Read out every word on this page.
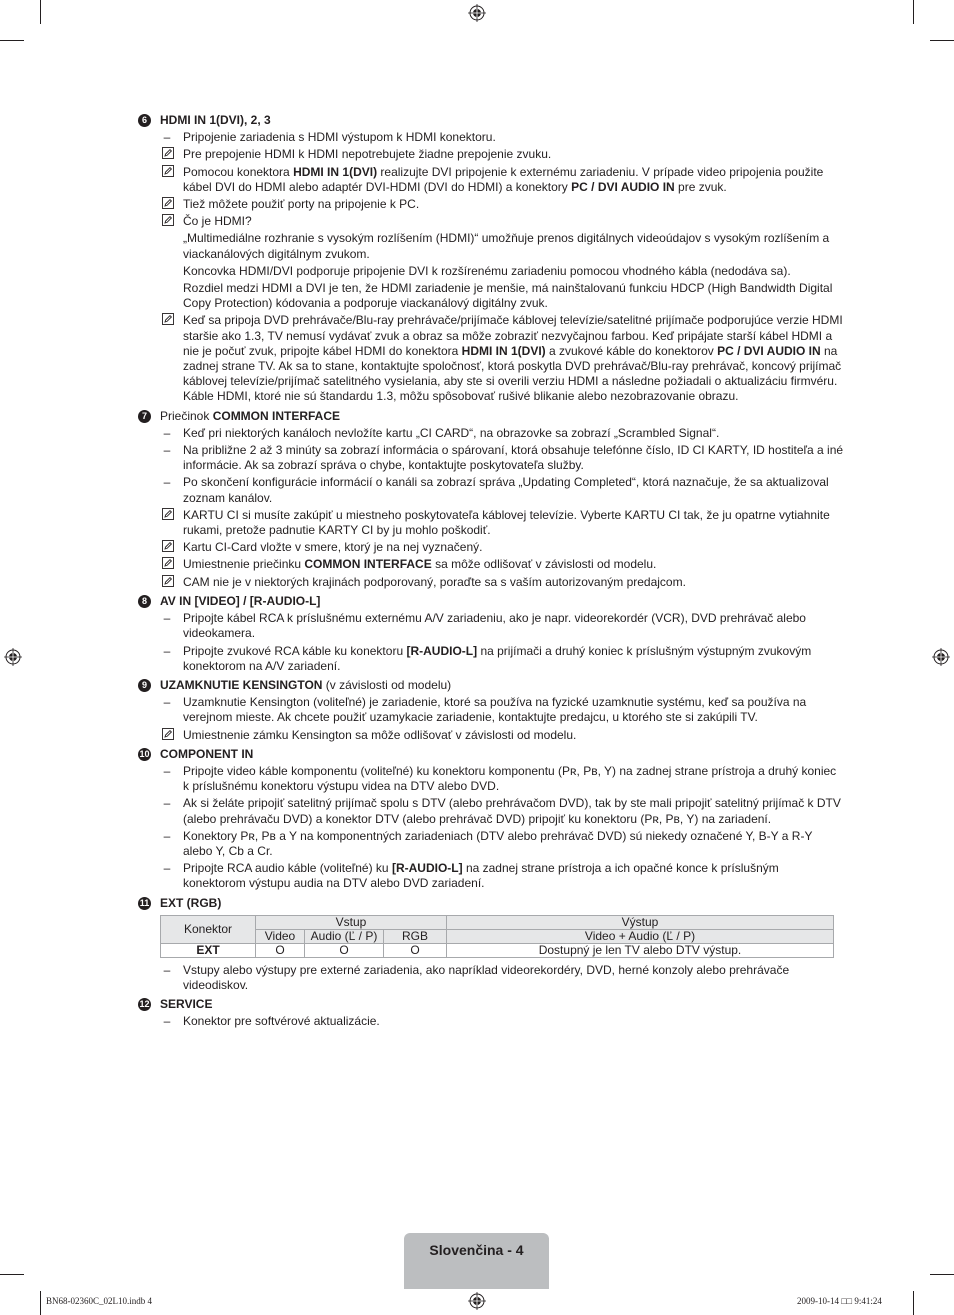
6	HDMI IN 1(DVI), 2, 3
– Pripojenie zariadenia s HDMI výstupom k HDMI konektoru.
Pre prepojenie HDMI k HDMI nepotrebujete žiadne prepojenie zvuku.
Pomocou konektora HDMI IN 1(DVI) realizujte DVI pripojenie k externému zariadeniu. V prípade video pripojenia použite kábel DVI do HDMI alebo adaptér DVI-HDMI (DVI do HDMI) a konektory PC / DVI AUDIO IN pre zvuk.
Tiež môžete použiť porty na pripojenie k PC.
Čo je HDMI?
„Multimediálne rozhranie s vysokým rozlíšením (HDMI)“ umožňuje prenos digitálnych videoúdajov s vysokým rozlíšením a viackanálových digitálnym zvukom.
Koncovka HDMI/DVI podporuje pripojenie DVI k rozšírenému zariadeniu pomocou vhodného kábla (nedodáva sa).
Rozdiel medzi HDMI a DVI je ten, že HDMI zariadenie je menšie, má nainštalovanú funkciu HDCP (High Bandwidth Digital Copy Protection) kódovania a podporuje viackanálový digitálny zvuk.
Keď sa pripoja DVD prehrávače/Blu-ray prehrávače/prijímače káblovej televízie/satelitné prijímače podporujúce verzie HDMI staršie ako 1.3, TV nemusí vydávať zvuk a obraz sa môže zobraziť nezvyčajnou farbou. Keď pripájate starší kábel HDMI a nie je počuť zvuk, pripojte kábel HDMI do konektora HDMI IN 1(DVI) a zvukové káble do konektorov PC / DVI AUDIO IN na zadnej strane TV. Ak sa to stane, kontaktujte spoločnosť, ktorá poskytla DVD prehrávač/Blu-ray prehrávač, koncový prijímač káblovej televízie/prijímač satelitného vysielania, aby ste si overili verziu HDMI a následne požiadali o aktualizáciu firmvéru. Káble HDMI, ktoré nie sú štandardu 1.3, môžu spôsobovať rušivé blikanie alebo nezobrazovanie obrazu.
7	Priečinok COMMON INTERFACE
– Keď pri niektorých kanáloch nevložíte kartu „CI CARD“, na obrazovke sa zobrazí „Scrambled Signal“.
– Na približne 2 až 3 minúty sa zobrazí informácia o spárovaní, ktorá obsahuje telefónne číslo, ID CI KARTY, ID hostiteľa a iné informácie. Ak sa zobrazí správa o chybe, kontaktujte poskytovateľa služby.
– Po skončení konfigurácie informácií o kanáli sa zobrazí správa „Updating Completed“, ktorá naznačuje, že sa aktualizoval zoznam kanálov.
KARTU CI si musíte zakúpiť u miestneho poskytovateľa káblovej televízie. Vyberte KARTU CI tak, že ju opatrne vytiahnite rukami, pretože padnutie KARTY CI by ju mohlo poškodiť.
Kartu CI-Card vložte v smere, ktorý je na nej vyznačený.
Umiestnenie priečinku COMMON INTERFACE sa môže odlišovať v závislosti od modelu.
CAM nie je v niektorých krajinách podporovaný, poraďte sa s vaším autorizovaným predajcom.
8	AV IN [VIDEO] / [R-AUDIO-L]
– Pripojte kábel RCA k príslušnému externému A/V zariadeniu, ako je napr. videorekordér (VCR), DVD prehrávač alebo videokamera.
– Pripojte zvukové RCA káble ku konektoru [R-AUDIO-L] na prijímači a druhý koniec k príslušným výstupným zvukovým konektorom na A/V zariadení.
9	UZAMKNUTIE KENSINGTON (v závislosti od modelu)
– Uzamknutie Kensington (voliteľné) je zariadenie, ktoré sa používa na fyzické uzamknutie systému, keď sa používa na verejnom mieste. Ak chcete použiť uzamykacie zariadenie, kontaktujte predajcu, u ktorého ste si zakúpili TV.
Umiestnenie zámku Kensington sa môže odlišovať v závislosti od modelu.
10 COMPONENT IN
– Pripojte video káble komponentu (voliteľné) ku konektoru komponentu (Pʀ, Pʙ, Y) na zadnej strane prístroja a druhý koniec k príslušnému konektoru výstupu videa na DTV alebo DVD.
– Ak si želáte pripojiť satelitný prijímač spolu s DTV (alebo prehrávačom DVD), tak by ste mali pripojiť satelitný prijímač k DTV (alebo prehrávaču DVD) a konektor DTV (alebo prehrávač DVD) pripojiť ku konektoru (Pʀ, Pʙ, Y) na zariadení.
– Konektory Pʀ, Pʙ a Y na komponentných zariadeniach (DTV alebo prehrávač DVD) sú niekedy označené Y, B-Y a R-Y alebo Y, Cb a Cr.
– Pripojte RCA audio káble (voliteľné) ku [R-AUDIO-L] na zadnej strane prístroja a ich opačné konce k príslušným konektorom výstupu audia na DTV alebo DVD zariadení.
11 EXT (RGB)
Konektor	Vstup			Výstup
	Video	Audio (Ľ / P)	RGB	Video + Audio (Ľ / P)
EXT	O	O	O	Dostupný je len TV alebo DTV výstup.
– Vstupy alebo výstupy pre externé zariadenia, ako napríklad videorekordéry, DVD, herné konzoly alebo prehrávače videodiskov.
12 SERVICE
– Konektor pre softvérové aktualizácie.
Slovenčina - 4
BN68-02360C_02L10.indb 4	2009-10-14 □□ 9:41:24
